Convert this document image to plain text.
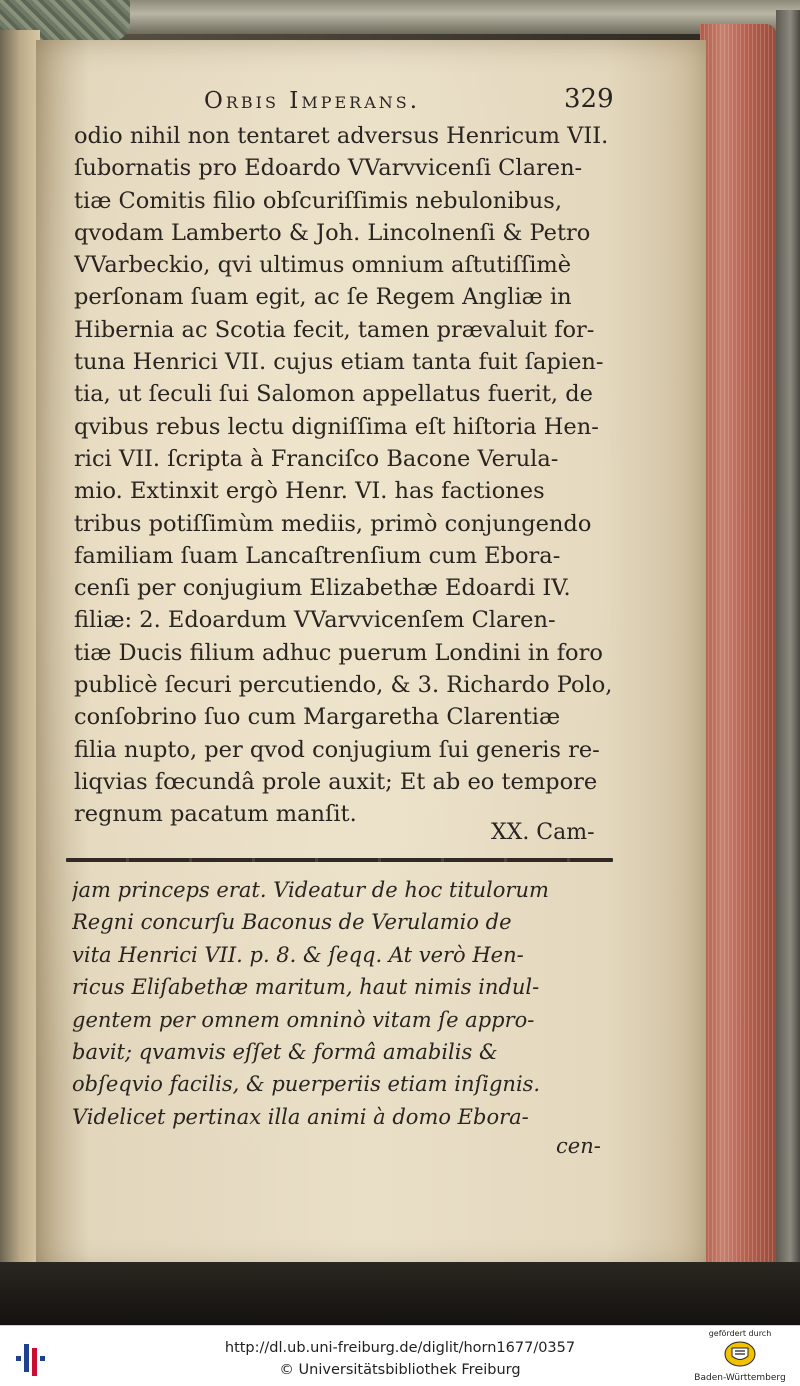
Orbis Imperans.	329
odio nihil non tentaret adversus Henricum VII.
ſubornatis pro Edoardo VVarvvicenſi Claren-
tiæ Comitis filio obſcuriſſimis nebulonibus,
qvodam Lamberto & Joh. Lincolnenſi & Petro
VVarbeckio, qvi ultimus omnium aſtutiſſimè
perſonam ſuam egit, ac ſe Regem Angliæ in
Hibernia ac Scotia fecit, tamen prævaluit for-
tuna Henrici VII. cujus etiam tanta fuit ſapien-
tia, ut ſeculi ſui Salomon appellatus fuerit, de
qvibus rebus lectu digniſſima eſt hiſtoria Hen-
rici VII. ſcripta à Franciſco Bacone Verula-
mio. Extinxit ergò Henr. VI. has factiones
tribus potiſſimùm mediis, primò conjungendo
familiam ſuam Lancaſtrenſium cum Ebora-
cenſi per conjugium Elizabethæ Edoardi IV.
filiæ: 2. Edoardum VVarvvicenſem Claren-
tiæ Ducis filium adhuc puerum Londini in foro
publicè ſecuri percutiendo, & 3. Richardo Polo,
conſobrino ſuo cum Margaretha Clarentiæ
filia nupto, per qvod conjugium ſui generis re-
liqvias fœcundâ prole auxit; Et ab eo tempore
regnum pacatum manſit.
XX. Cam-
jam princeps erat. Videatur de hoc titulorum
Regni concurſu Baconus de Verulamio de
vita Henrici VII. p. 8. & ſeqq. At verò Hen-
ricus Eliſabethæ maritum, haut nimis indul-
gentem per omnem omninò vitam ſe appro-
bavit; qvamvis eſſet & formâ amabilis &
obſeqvio facilis, & puerperiis etiam inſignis.
Videlicet pertinax illa animi à domo Ebora-
cen-
http://dl.ub.uni-freiburg.de/diglit/horn1677/0357
© Universitätsbibliothek Freiburg
gefördert durch
Baden-Württemberg
